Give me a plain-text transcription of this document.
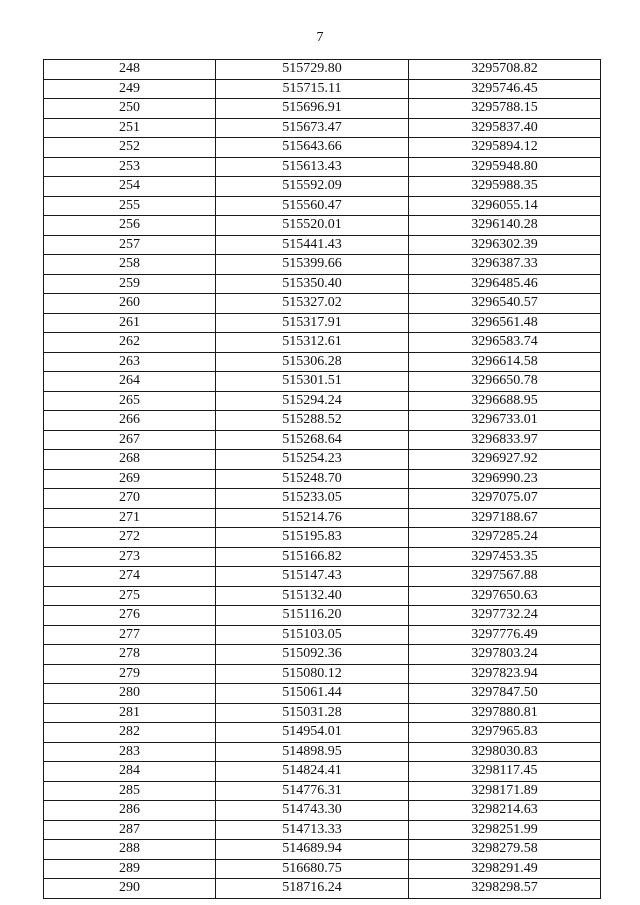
7
248	515729.80	3295708.82
249	515715.11	3295746.45
250	515696.91	3295788.15
251	515673.47	3295837.40
252	515643.66	3295894.12
253	515613.43	3295948.80
254	515592.09	3295988.35
255	515560.47	3296055.14
256	515520.01	3296140.28
257	515441.43	3296302.39
258	515399.66	3296387.33
259	515350.40	3296485.46
260	515327.02	3296540.57
261	515317.91	3296561.48
262	515312.61	3296583.74
263	515306.28	3296614.58
264	515301.51	3296650.78
265	515294.24	3296688.95
266	515288.52	3296733.01
267	515268.64	3296833.97
268	515254.23	3296927.92
269	515248.70	3296990.23
270	515233.05	3297075.07
271	515214.76	3297188.67
272	515195.83	3297285.24
273	515166.82	3297453.35
274	515147.43	3297567.88
275	515132.40	3297650.63
276	515116.20	3297732.24
277	515103.05	3297776.49
278	515092.36	3297803.24
279	515080.12	3297823.94
280	515061.44	3297847.50
281	515031.28	3297880.81
282	514954.01	3297965.83
283	514898.95	3298030.83
284	514824.41	3298117.45
285	514776.31	3298171.89
286	514743.30	3298214.63
287	514713.33	3298251.99
288	514689.94	3298279.58
289	516680.75	3298291.49
290	518716.24	3298298.57
